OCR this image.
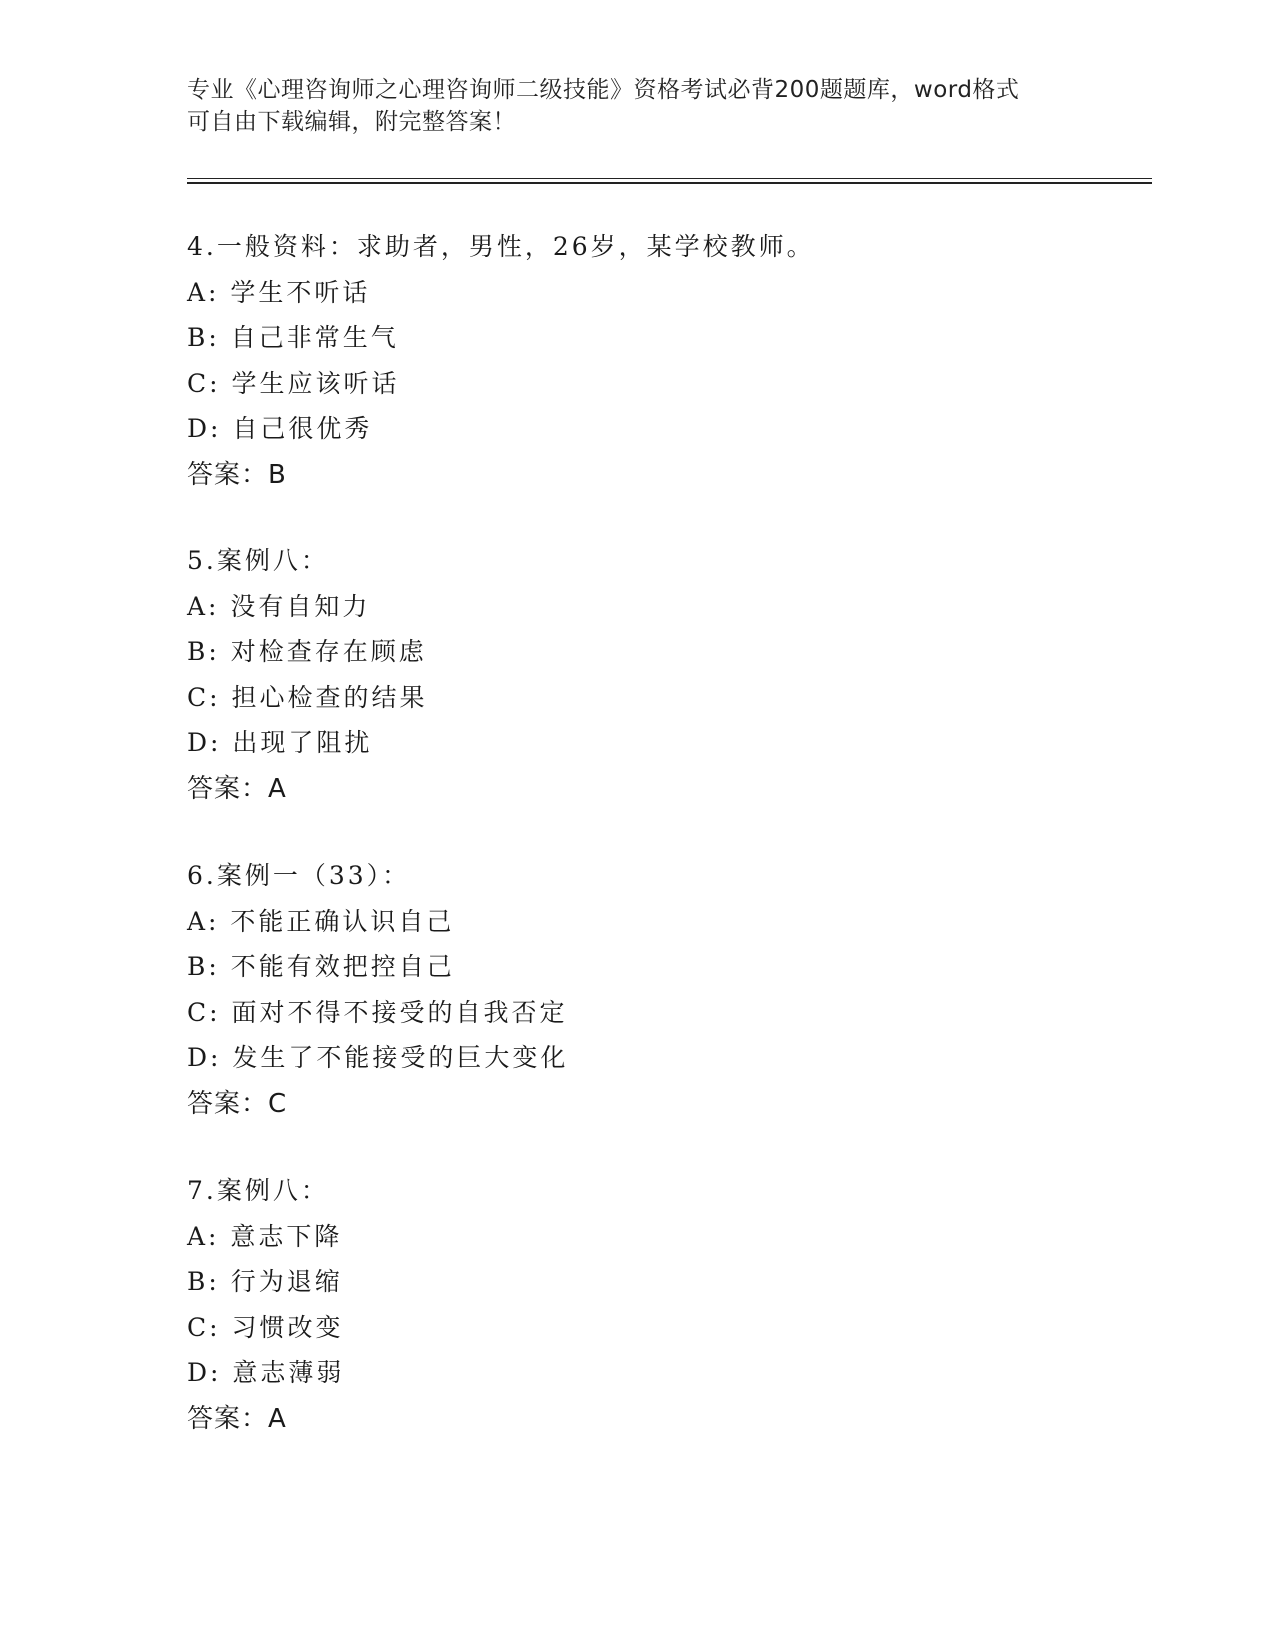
专业《心理咨询师之心理咨询师二级技能》资格考试必背200题题库，word格式
可自由下载编辑，附完整答案！
4.一般资料：求助者，男性，26岁，某学校教师。
A: 学生不听话
B: 自己非常生气
C: 学生应该听话
D: 自己很优秀
答案：B
5.案例八：
A: 没有自知力
B: 对检查存在顾虑
C: 担心检查的结果
D: 出现了阻扰
答案：A
6.案例一（33）：
A: 不能正确认识自己
B: 不能有效把控自己
C: 面对不得不接受的自我否定
D: 发生了不能接受的巨大变化
答案：C
7.案例八：
A: 意志下降
B: 行为退缩
C: 习惯改变
D: 意志薄弱
答案：A
